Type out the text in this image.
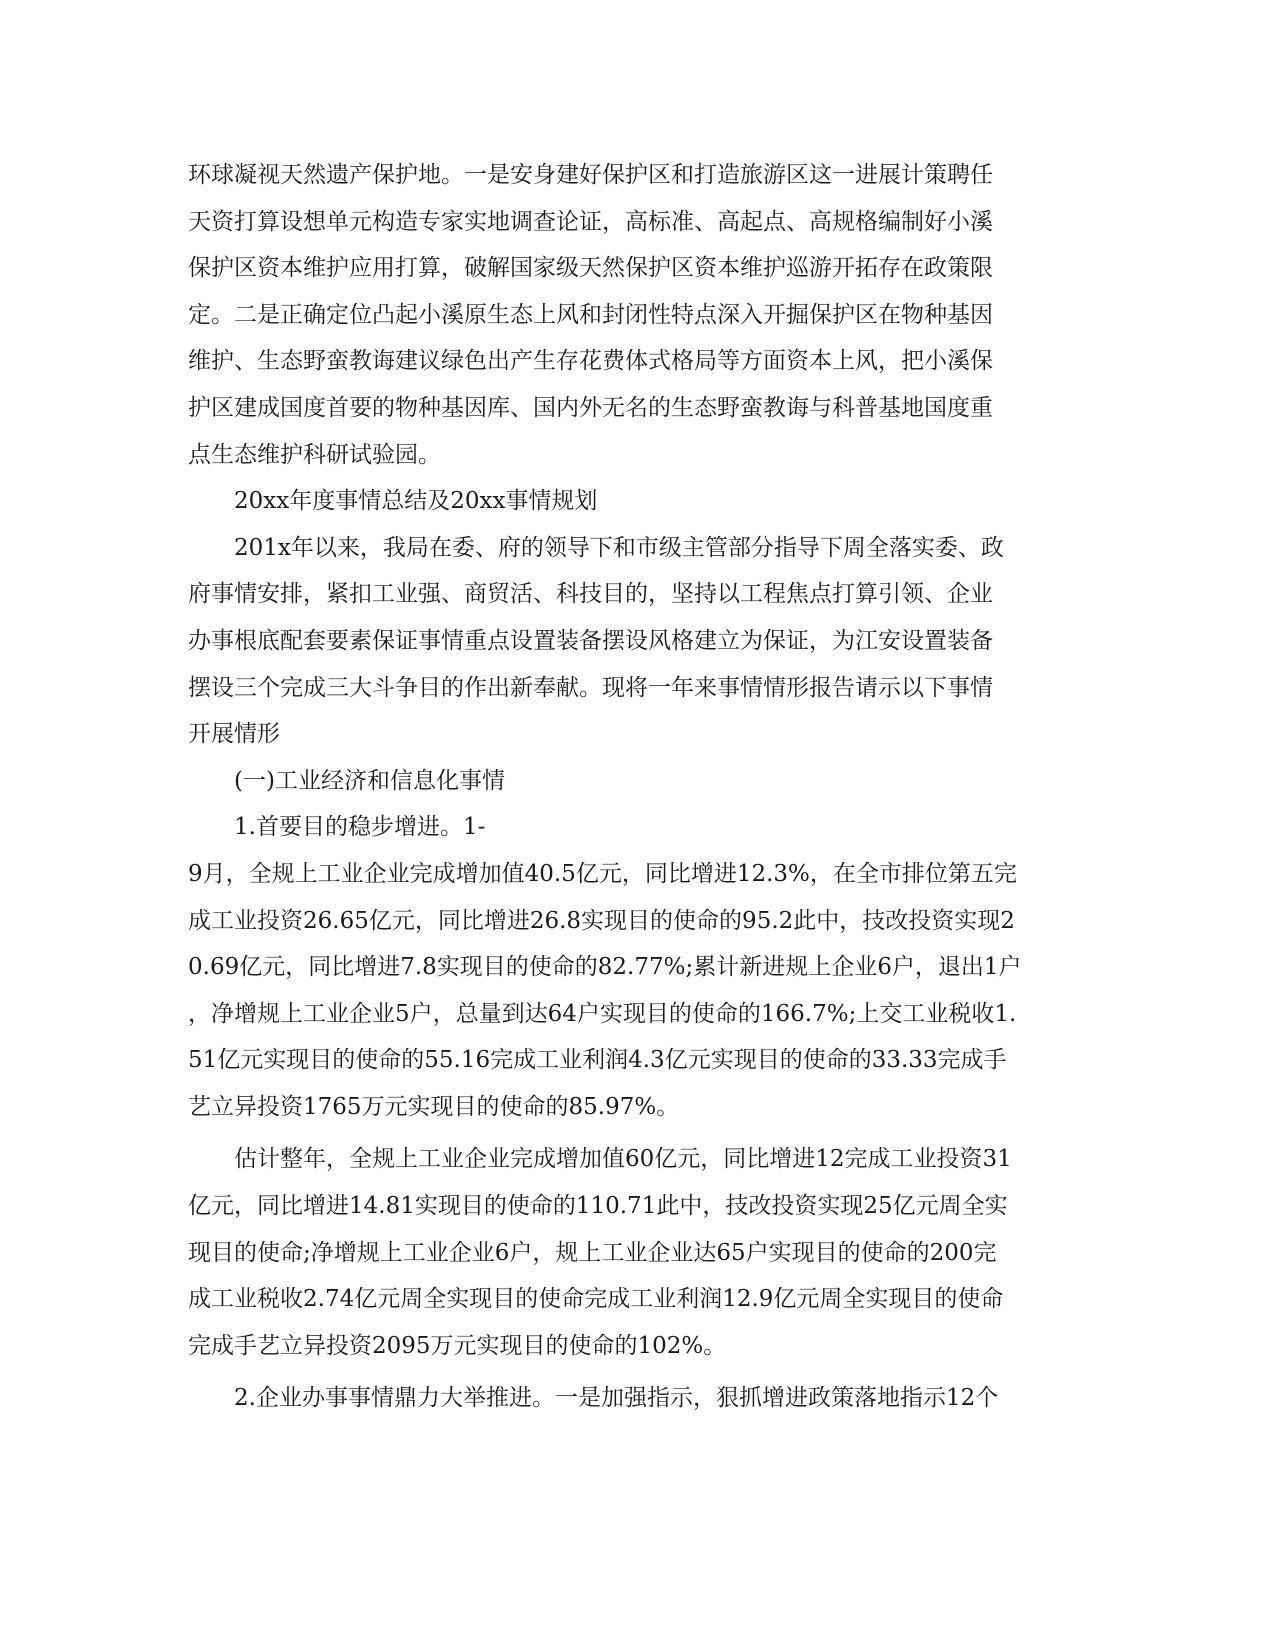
环球凝视天然遗产保护地。一是安身建好保护区和打造旅游区这一进展计策聘任

天资打算设想单元构造专家实地调查论证，高标准、高起点、高规格编制好小溪

保护区资本维护应用打算，破解国家级天然保护区资本维护巡游开拓存在政策限

定。二是正确定位凸起小溪原生态上风和封闭性特点深入开掘保护区在物种基因

维护、生态野蛮教诲建议绿色出产生存花费体式格局等方面资本上风，把小溪保

护区建成国度首要的物种基因库、国内外无名的生态野蛮教诲与科普基地国度重

点生态维护科研试验园。

20xx年度事情总结及20xx事情规划

201x年以来，我局在委、府的领导下和市级主管部分指导下周全落实委、政

府事情安排，紧扣工业强、商贸活、科技目的，坚持以工程焦点打算引领、企业

办事根底配套要素保证事情重点设置装备摆设风格建立为保证，为江安设置装备

摆设三个完成三大斗争目的作出新奉献。现将一年来事情情形报告请示以下事情

开展情形

(一)工业经济和信息化事情

1.首要目的稳步增进。1-

9月，全规上工业企业完成增加值40.5亿元，同比增进12.3%，在全市排位第五完

成工业投资26.65亿元，同比增进26.8实现目的使命的95.2此中，技改投资实现2

0.69亿元，同比增进7.8实现目的使命的82.77%;累计新进规上企业6户，退出1户

，净增规上工业企业5户，总量到达64户实现目的使命的166.7%;上交工业税收1.

51亿元实现目的使命的55.16完成工业利润4.3亿元实现目的使命的33.33完成手

艺立异投资1765万元实现目的使命的85.97%。

估计整年，全规上工业企业完成增加值60亿元，同比增进12完成工业投资31

亿元，同比增进14.81实现目的使命的110.71此中，技改投资实现25亿元周全实

现目的使命;净增规上工业企业6户，规上工业企业达65户实现目的使命的200完

成工业税收2.74亿元周全实现目的使命完成工业利润12.9亿元周全实现目的使命

完成手艺立异投资2095万元实现目的使命的102%。

2.企业办事事情鼎力大举推进。一是加强指示，狠抓增进政策落地指示12个
